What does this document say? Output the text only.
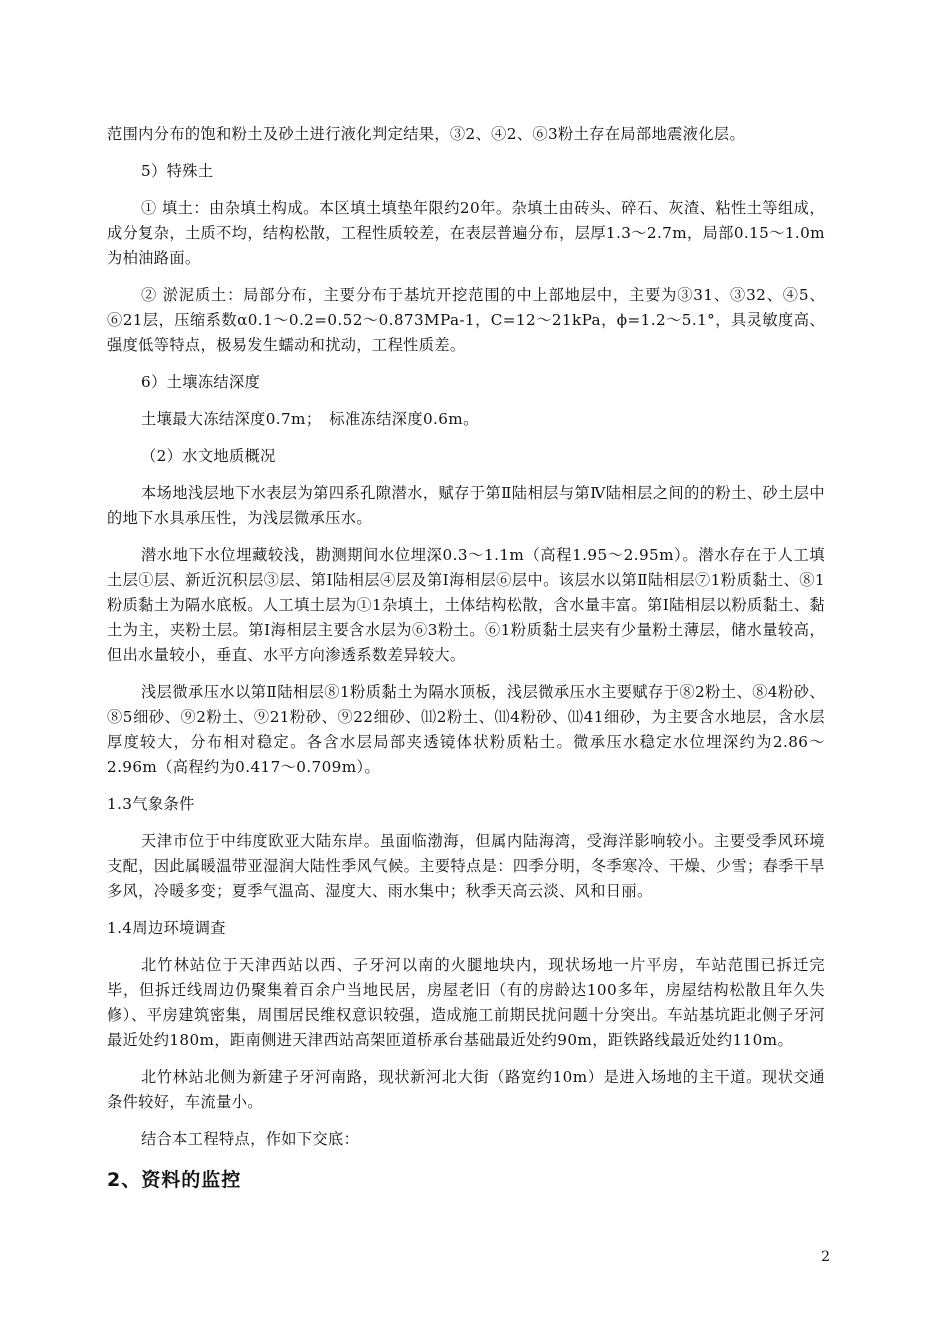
范围内分布的饱和粉土及砂土进行液化判定结果，③2、④2、⑥3粉土存在局部地震液化层。

5）特殊土

① 填土：由杂填土构成。本区填土填垫年限约20年。杂填土由砖头、碎石、灰渣、粘性土等组成，成分复杂，土质不均，结构松散，工程性质较差，在表层普遍分布，层厚1.3～2.7m，局部0.15～1.0m为柏油路面。

② 淤泥质土：局部分布，主要分布于基坑开挖范围的中上部地层中，主要为③31、③32、④5、⑥21层，压缩系数α0.1～0.2=0.52～0.873MPa-1，C=12～21kPa，ϕ=1.2～5.1°，具灵敏度高、强度低等特点，极易发生蠕动和扰动，工程性质差。

6）土壤冻结深度

土壤最大冻结深度0.7m；　标准冻结深度0.6m。

（2）水文地质概况

本场地浅层地下水表层为第四系孔隙潜水，赋存于第Ⅱ陆相层与第Ⅳ陆相层之间的的粉土、砂土层中的地下水具承压性，为浅层微承压水。

潜水地下水位埋藏较浅，勘测期间水位埋深0.3～1.1m（高程1.95～2.95m）。潜水存在于人工填土层①层、新近沉积层③层、第Ⅰ陆相层④层及第Ⅰ海相层⑥层中。该层水以第Ⅱ陆相层⑦1粉质黏土、⑧1粉质黏土为隔水底板。人工填土层为①1杂填土，土体结构松散，含水量丰富。第Ⅰ陆相层以粉质黏土、黏土为主，夹粉土层。第Ⅰ海相层主要含水层为⑥3粉土。⑥1粉质黏土层夹有少量粉土薄层，储水量较高，但出水量较小，垂直、水平方向渗透系数差异较大。

浅层微承压水以第Ⅱ陆相层⑧1粉质黏土为隔水顶板，浅层微承压水主要赋存于⑧2粉土、⑧4粉砂、⑧5细砂、⑨2粉土、⑨21粉砂、⑨22细砂、⑾2粉土、⑾4粉砂、⑾41细砂，为主要含水地层，含水层厚度较大，分布相对稳定。各含水层局部夹透镜体状粉质粘土。微承压水稳定水位埋深约为2.86～2.96m（高程约为0.417～0.709m）。

1.3气象条件

天津市位于中纬度欧亚大陆东岸。虽面临渤海，但属内陆海湾，受海洋影响较小。主要受季风环境支配，因此属暖温带亚湿润大陆性季风气候。主要特点是：四季分明，冬季寒冷、干燥、少雪；春季干旱多风，冷暖多变；夏季气温高、湿度大、雨水集中；秋季天高云淡、风和日丽。

1.4周边环境调查

北竹林站位于天津西站以西、子牙河以南的火腿地块内，现状场地一片平房，车站范围已拆迁完毕，但拆迁线周边仍聚集着百余户当地民居，房屋老旧（有的房龄达100多年，房屋结构松散且年久失修）、平房建筑密集，周围居民维权意识较强，造成施工前期民扰问题十分突出。车站基坑距北侧子牙河最近处约180m，距南侧进天津西站高架匝道桥承台基础最近处约90m，距铁路线最近处约110m。

北竹林站北侧为新建子牙河南路，现状新河北大街（路宽约10m）是进入场地的主干道。现状交通条件较好，车流量小。

结合本工程特点，作如下交底：

2、资料的监控
2
